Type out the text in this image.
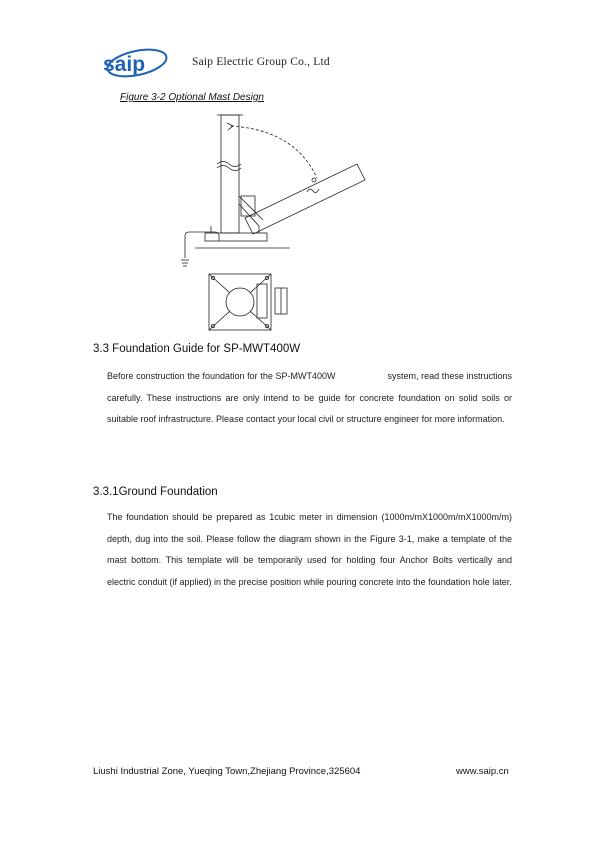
saip	Saip Electric Group Co., Ltd
Figure 3-2 Optional Mast Design
3.3 Foundation Guide for SP-MWT400W
Before construction the foundation for the SP-MWT400W	system, read these instructions carefully. These instructions are only intend to be guide for concrete foundation on solid soils or suitable roof infrastructure. Please contact your local civil or structure engineer for more information.
3.3.1Ground Foundation
The foundation should be prepared as 1cubic meter in dimension (1000m/mX1000m/mX1000m/m) depth, dug into the soil. Please follow the diagram shown in the Figure 3-1, make a template of the mast bottom. This template will be temporarily used for holding four Anchor Bolts vertically and electric conduit (if applied) in the precise position while pouring concrete into the foundation hole later.
Liushi Industrial Zone, Yueqing Town,Zhejiang Province,325604	www.saip.cn
